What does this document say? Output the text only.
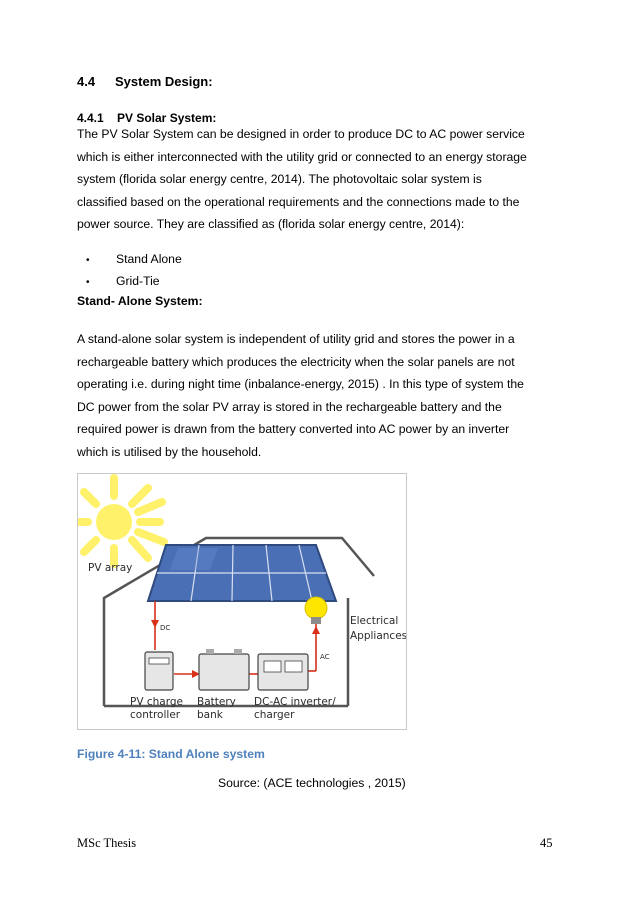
4.4 System Design:
4.4.1 PV Solar System:
The PV Solar System can be designed in order to produce DC to AC power service
which is either interconnected with the utility grid or connected to an energy storage
system (florida solar energy centre, 2014). The photovoltaic solar system is
classified based on the operational requirements and the connections made to the
power source. They are classified as (florida solar energy centre, 2014):
• Stand Alone
• Grid-Tie
Stand- Alone System:
A stand-alone solar system is independent of utility grid and stores the power in a
rechargeable battery which produces the electricity when the solar panels are not
operating i.e. during night time (inbalance-energy, 2015) . In this type of system the
DC power from the solar PV array is stored in the rechargeable battery and the
required power is drawn from the battery converted into AC power by an inverter
which is utilised by the household.
PV array
DC
AC
Electrical
Appliances
PV charge
controller
Battery
bank
DC-AC inverter/
charger
Figure 4-11: Stand Alone system
Source: (ACE technologies , 2015)
MSc Thesis	45
